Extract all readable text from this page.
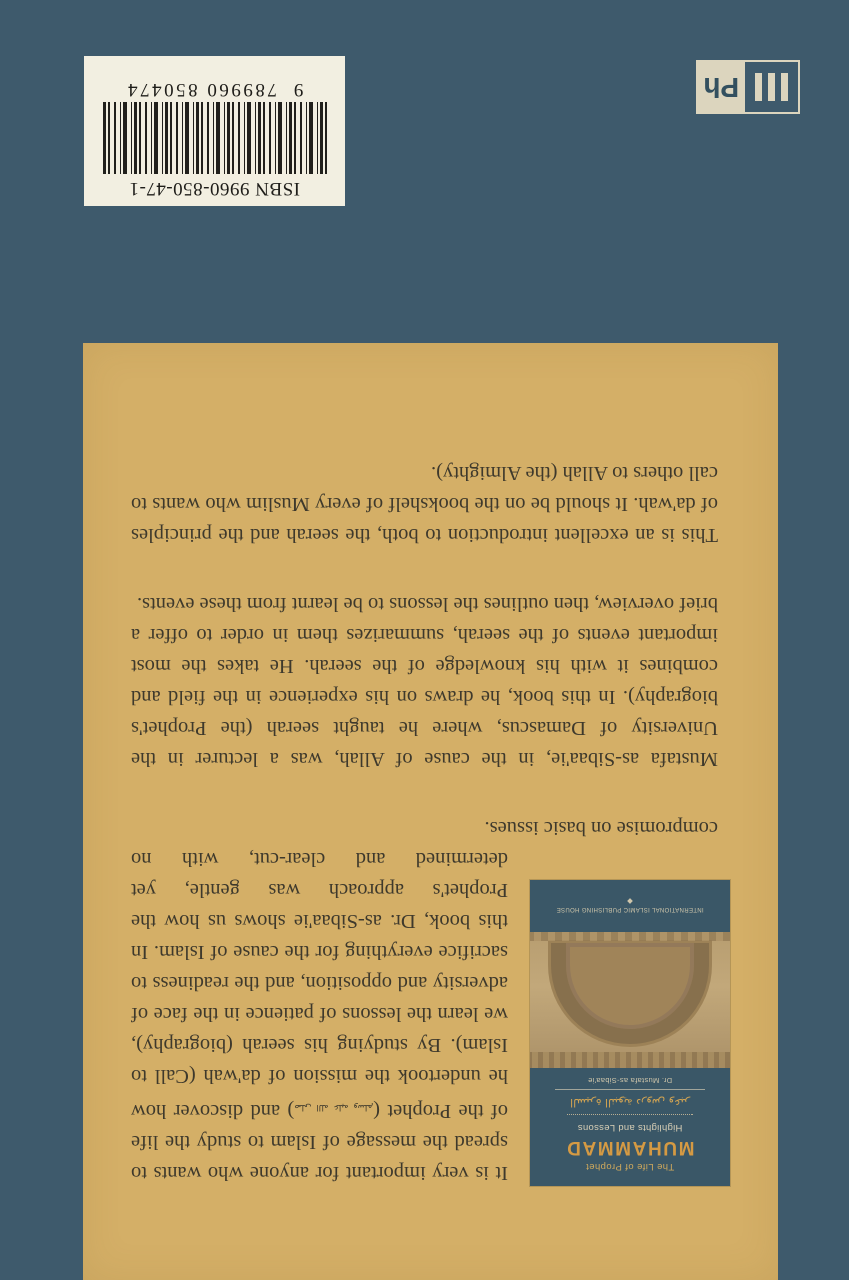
The Life of Prophet
MUHAMMAD
Highlights and Lessons
السيرة النبوية دروس وعبر
Dr. Mustafa as-Sibaa'ie
INTERNATIONAL ISLAMIC PUBLISHING HOUSE

It is very important for anyone who wants to spread the message of Islam to study the life of the Prophet (صلى الله عليه وسلم) and discover how he undertook the mission of da'wah (Call to Islam). By studying his seerah (biography), we learn the lessons of patience in the face of adversity and opposition, and the readiness to sacrifice everything for the cause of Islam. In this book, Dr. as-Sibaa'ie shows us how the Prophet's approach was gentle, yet determined and clear-cut, with no compromise on basic issues.

Mustafa as-Sibaa'ie, in the cause of Allah, was a lecturer in the University of Damascus, where he taught seerah (the Prophet's biography). In this book, he draws on his experience in the field and combines it with his knowledge of the seerah. He takes the most important events of the seerah, summarizes them in order to offer a brief overview, then outlines the lessons to be learnt from these events.

This is an excellent introduction to both, the seerah and the principles of da'wah. It should be on the bookshelf of every Muslim who wants to call others to Allah (the Almighty).

Ph
ISBN 9960-850-47-1
9  789960 850474
